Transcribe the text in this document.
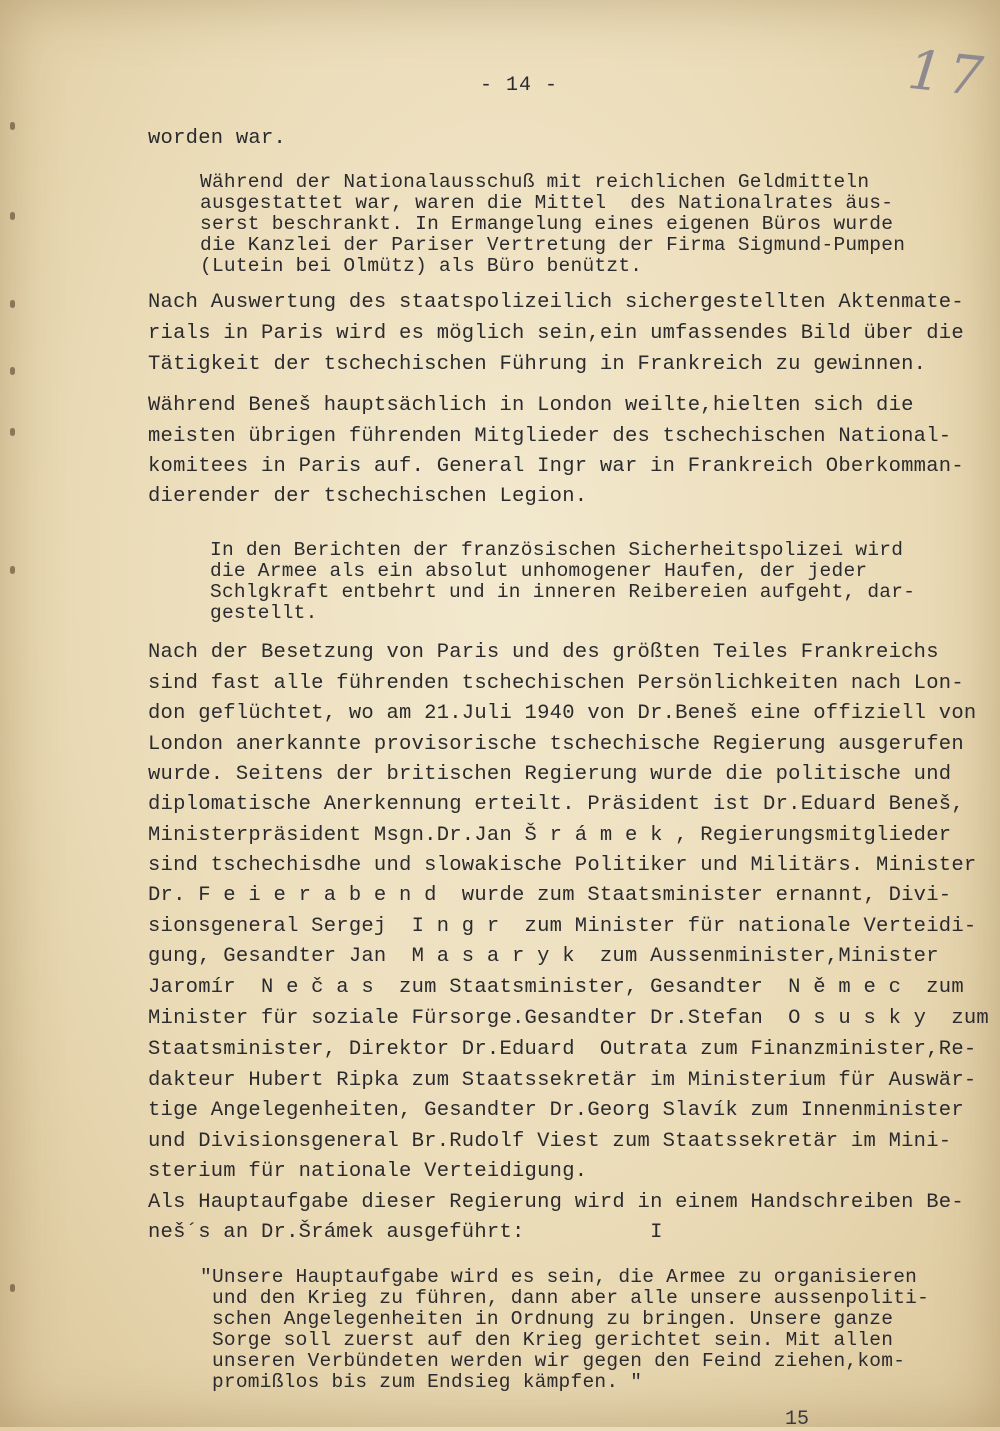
- 14 -	17
worden war.
Während der Nationalausschuß mit reichlichen Geldmitteln
ausgestattet war, waren die Mittel  des Nationalrates äus-
serst beschrankt. In Ermangelung eines eigenen Büros wurde
die Kanzlei der Pariser Vertretung der Firma Sigmund-Pumpen
(Lutein bei Olmütz) als Büro benützt.
Nach Auswertung des staatspolizeilich sichergestellten Aktenmate-
rials in Paris wird es möglich sein,ein umfassendes Bild über die
Tätigkeit der tschechischen Führung in Frankreich zu gewinnen.
Während Beneš hauptsächlich in London weilte,hielten sich die
meisten übrigen führenden Mitglieder des tschechischen National-
komitees in Paris auf. General Ingr war in Frankreich Oberkomman-
dierender der tschechischen Legion.
In den Berichten der französischen Sicherheitspolizei wird
die Armee als ein absolut unhomogener Haufen, der jeder
Schlgkraft entbehrt und in inneren Reibereien aufgeht, dar-
gestellt.
Nach der Besetzung von Paris und des größten Teiles Frankreichs
sind fast alle führenden tschechischen Persönlichkeiten nach Lon-
don geflüchtet, wo am 21.Juli 1940 von Dr.Beneš eine offiziell von
London anerkannte provisorische tschechische Regierung ausgerufen
wurde. Seitens der britischen Regierung wurde die politische und
diplomatische Anerkennung erteilt. Präsident ist Dr.Eduard Beneš,
Ministerpräsident Msgn.Dr.Jan Š r á m e k , Regierungsmitglieder
sind tschechisdhe und slowakische Politiker und Militärs. Minister
Dr. F e i e r a b e n d  wurde zum Staatsminister ernannt, Divi-
sionsgeneral Sergej  I n g r  zum Minister für nationale Verteidi-
gung, Gesandter Jan  M a s a r y k  zum Aussenminister,Minister
Jaromír  N e č a s  zum Staatsminister, Gesandter  N ě m e c  zum
Minister für soziale Fürsorge.Gesandter Dr.Stefan  O s u s k y  zum
Staatsminister, Direktor Dr.Eduard  Outrata zum Finanzminister,Re-
dakteur Hubert Ripka zum Staatssekretär im Ministerium für Auswär-
tige Angelegenheiten, Gesandter Dr.Georg Slavík zum Innenminister
und Divisionsgeneral Br.Rudolf Viest zum Staatssekretär im Mini-
sterium für nationale Verteidigung.
Als Hauptaufgabe dieser Regierung wird in einem Handschreiben Be-
neš´s an Dr.Šrámek ausgeführt:          I
"Unsere Hauptaufgabe wird es sein, die Armee zu organisieren
und den Krieg zu führen, dann aber alle unsere aussenpoliti-
schen Angelegenheiten in Ordnung zu bringen. Unsere ganze
Sorge soll zuerst auf den Krieg gerichtet sein. Mit allen
unseren Verbündeten werden wir gegen den Feind ziehen,kom-
promißlos bis zum Endsieg kämpfen. "
15
